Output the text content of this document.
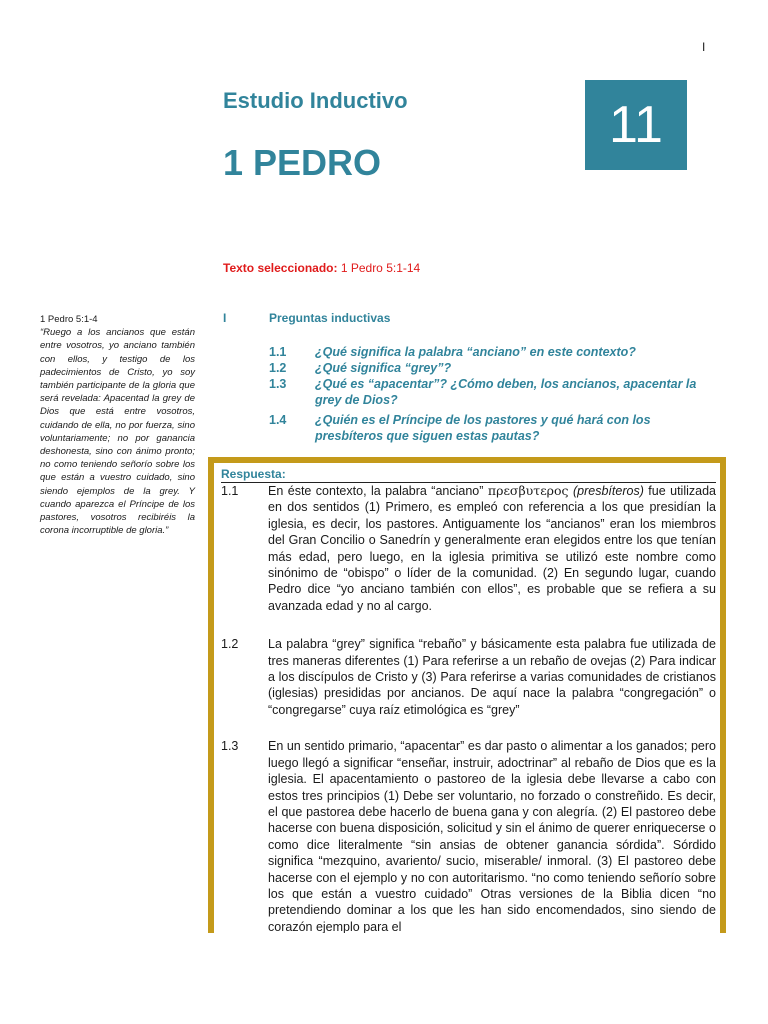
I
Estudio Inductivo
1 PEDRO
11
Texto seleccionado: 1 Pedro 5:1-14
1 Pedro 5:1-4
“Ruego a los ancianos que están entre vosotros, yo anciano también con ellos, y testigo de los padecimientos de Cristo, yo soy también participante de la gloria que será revelada: Apacentad la grey de Dios que está entre vosotros, cuidando de ella, no por fuerza, sino voluntariamente; no por ganancia deshonesta, sino con ánimo pronto; no como teniendo señorío sobre los que están a vuestro cuidado, sino siendo ejemplos de la grey. Y cuando aparezca el Príncipe de los pastores, vosotros recibiréis la corona incorruptible de gloria.”
I	Preguntas inductivas
1.1	¿Qué significa la palabra “anciano” en este contexto?
1.2	¿Qué significa “grey”?
1.3	¿Qué es “apacentar”? ¿Cómo deben, los ancianos, apacentar la grey de Dios?
1.4	¿Quién es el Príncipe de los pastores y qué hará con los presbíteros que siguen estas pautas?
Respuesta:
1.1	En éste contexto, la palabra “anciano” πρεσβυτερος (presbíteros) fue utilizada en dos sentidos (1) Primero, es empleó con referencia a los que presidían la iglesia, es decir, los pastores. Antiguamente los “ancianos” eran los miembros del Gran Concilio o Sanedrín y generalmente eran elegidos entre los que tenían más edad, pero luego, en la iglesia primitiva se utilizó este nombre como sinónimo de “obispo” o líder de la comunidad. (2) En segundo lugar, cuando Pedro dice “yo anciano también con ellos”, es probable que se refiera a su avanzada edad y no al cargo.
1.2	La palabra “grey” significa “rebaño” y básicamente esta palabra fue utilizada de tres maneras diferentes (1) Para referirse a un rebaño de ovejas (2) Para indicar a los discípulos de Cristo y (3) Para referirse a varias comunidades de cristianos (iglesias) presididas por ancianos. De aquí nace la palabra “congregación” o “congregarse” cuya raíz etimológica es “grey”
1.3	En un sentido primario, “apacentar” es dar pasto o alimentar a los ganados; pero luego llegó a significar “enseñar, instruir, adoctrinar” al rebaño de Dios que es la iglesia. El apacentamiento o pastoreo de la iglesia debe llevarse a cabo con estos tres principios (1) Debe ser voluntario, no forzado o constreñido. Es decir, el que pastorea debe hacerlo de buena gana y con alegría. (2) El pastoreo debe hacerse con buena disposición, solicitud y sin el ánimo de querer enriquecerse o como dice literalmente “sin ansias de obtener ganancia sórdida”. Sórdido significa “mezquino, avariento/ sucio, miserable/ inmoral. (3) El pastoreo debe hacerse con el ejemplo y no con autoritarismo. “no como teniendo señorío sobre los que están a vuestro cuidado” Otras versiones de la Biblia dicen “no pretendiendo dominar a los que les han sido encomendados, sino siendo de corazón ejemplo para el
